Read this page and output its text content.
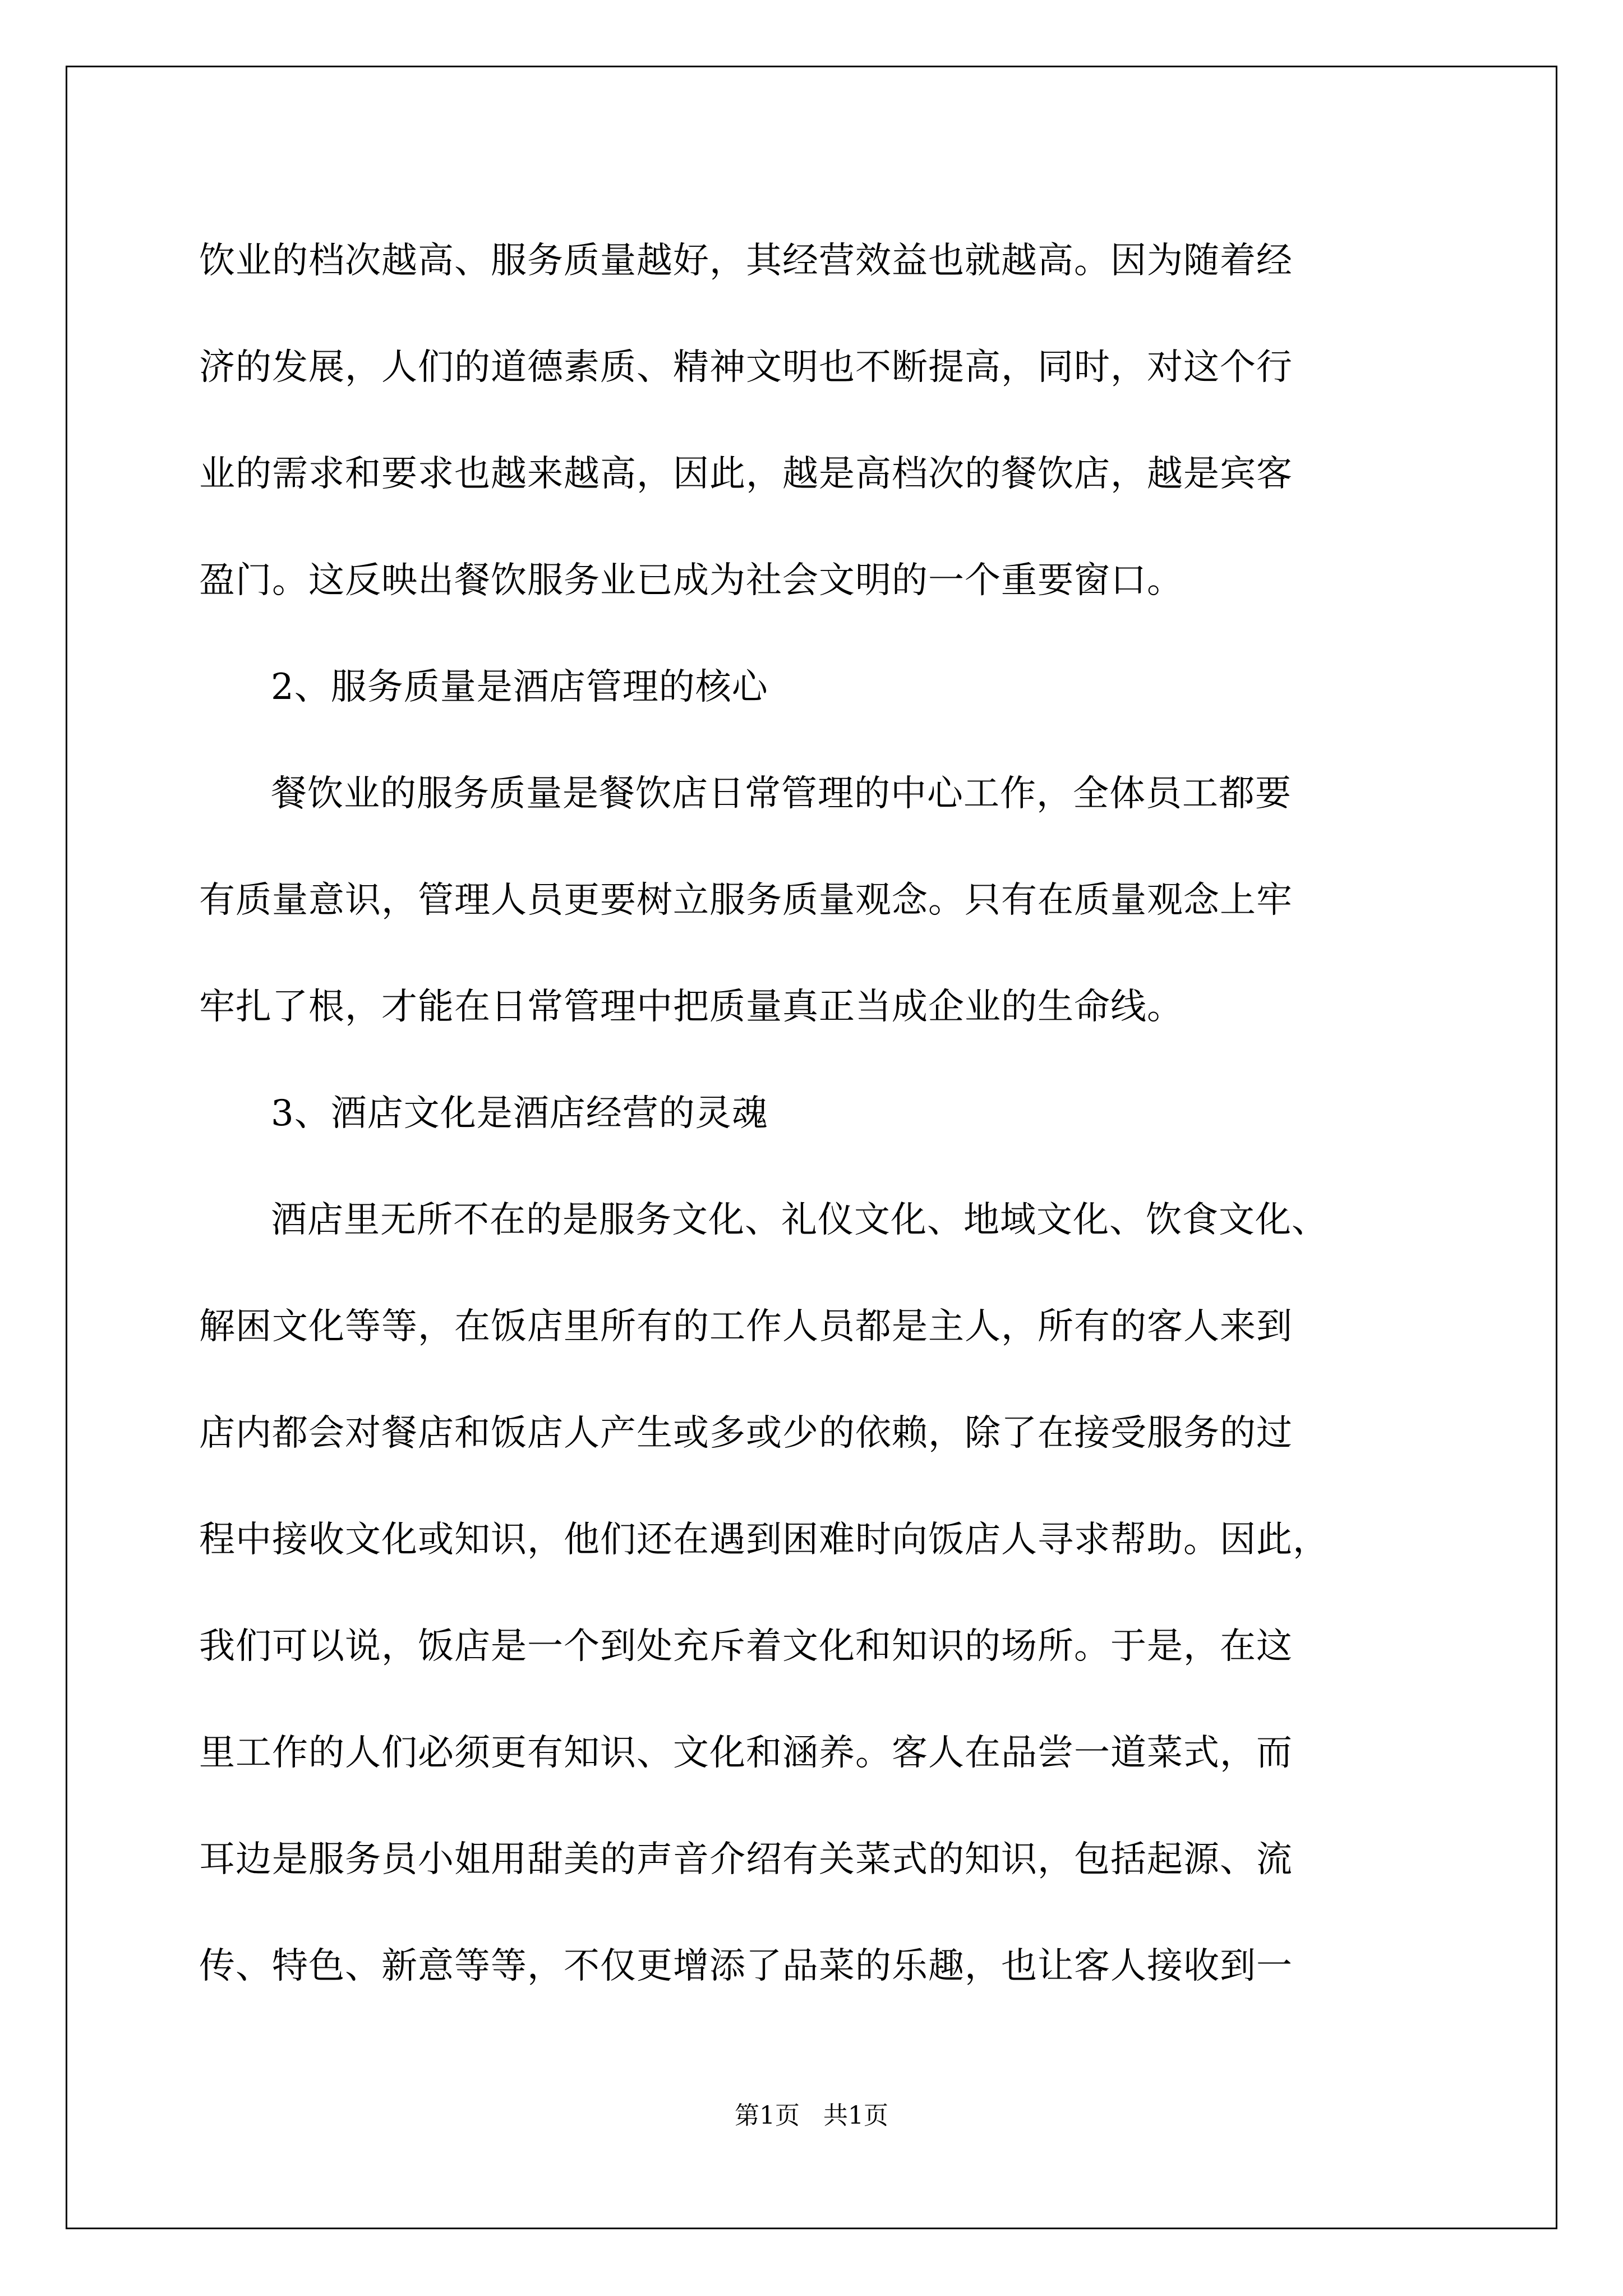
饮业的档次越高、服务质量越好，其经营效益也就越高。因为随着经
济的发展，人们的道德素质、精神文明也不断提高，同时，对这个行
业的需求和要求也越来越高，因此，越是高档次的餐饮店，越是宾客
盈门。这反映出餐饮服务业已成为社会文明的一个重要窗口。
2、服务质量是酒店管理的核心
餐饮业的服务质量是餐饮店日常管理的中心工作，全体员工都要
有质量意识，管理人员更要树立服务质量观念。只有在质量观念上牢
牢扎了根，才能在日常管理中把质量真正当成企业的生命线。
3、酒店文化是酒店经营的灵魂
酒店里无所不在的是服务文化、礼仪文化、地域文化、饮食文化、
解困文化等等，在饭店里所有的工作人员都是主人，所有的客人来到
店内都会对餐店和饭店人产生或多或少的依赖，除了在接受服务的过
程中接收文化或知识，他们还在遇到困难时向饭店人寻求帮助。因此，
我们可以说，饭店是一个到处充斥着文化和知识的场所。于是，在这
里工作的人们必须更有知识、文化和涵养。客人在品尝一道菜式，而
耳边是服务员小姐用甜美的声音介绍有关菜式的知识，包括起源、流
传、特色、新意等等，不仅更增添了品菜的乐趣，也让客人接收到一
第1页   共1页
